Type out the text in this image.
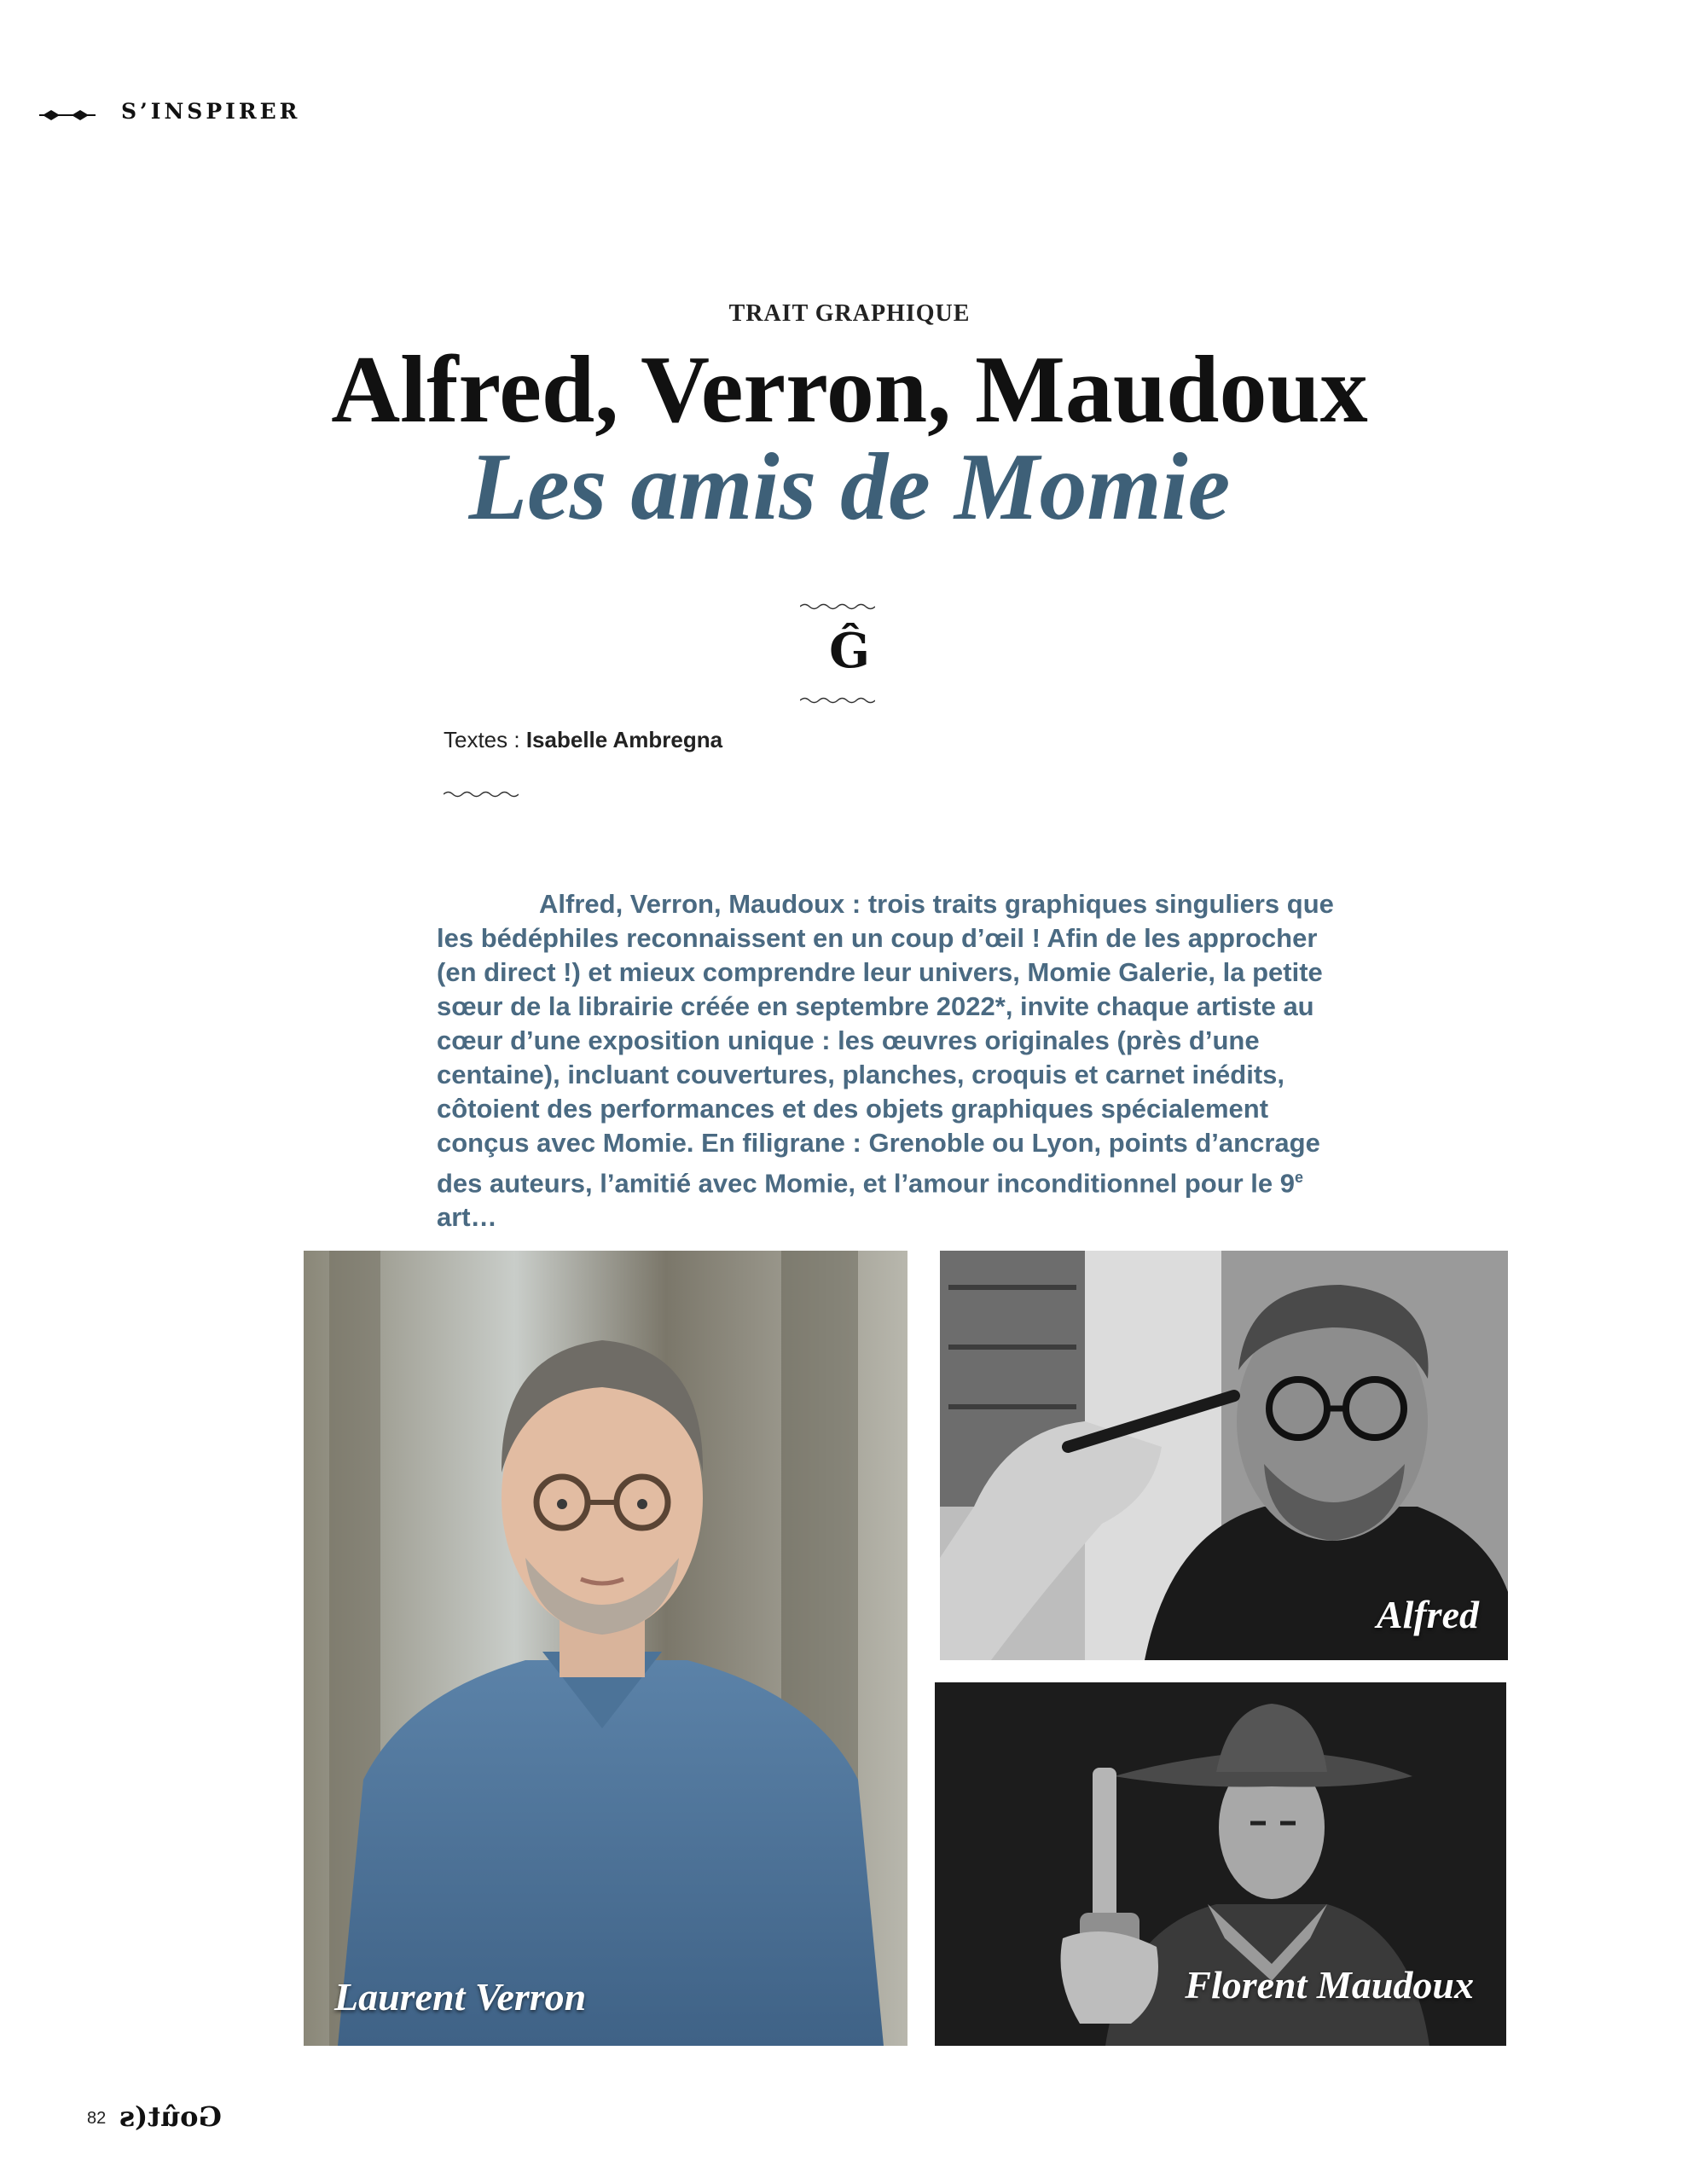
S’INSPIRER
TRAIT GRAPHIQUE
Alfred, Verron, Maudoux
Les amis de Momie
Ĝ
Textes : Isabelle Ambregna

Alfred, Verron, Maudoux : trois traits graphiques singuliers que les bédéphiles reconnaissent en un coup d’œil ! Afin de les approcher (en direct !) et mieux comprendre leur univers, Momie Galerie, la petite sœur de la librairie créée en septembre 2022*, invite chaque artiste au cœur d’une exposition unique : les œuvres originales (près d’une centaine), incluant couvertures, planches, croquis et carnet inédits, côtoient des performances et des objets graphiques spécialement conçus avec Momie. En filigrane : Grenoble ou Lyon, points d’ancrage des auteurs, l’amitié avec Momie, et l’amour inconditionnel pour le 9e art…

Laurent Verron
Alfred
Florent Maudoux
82 Goût(s
